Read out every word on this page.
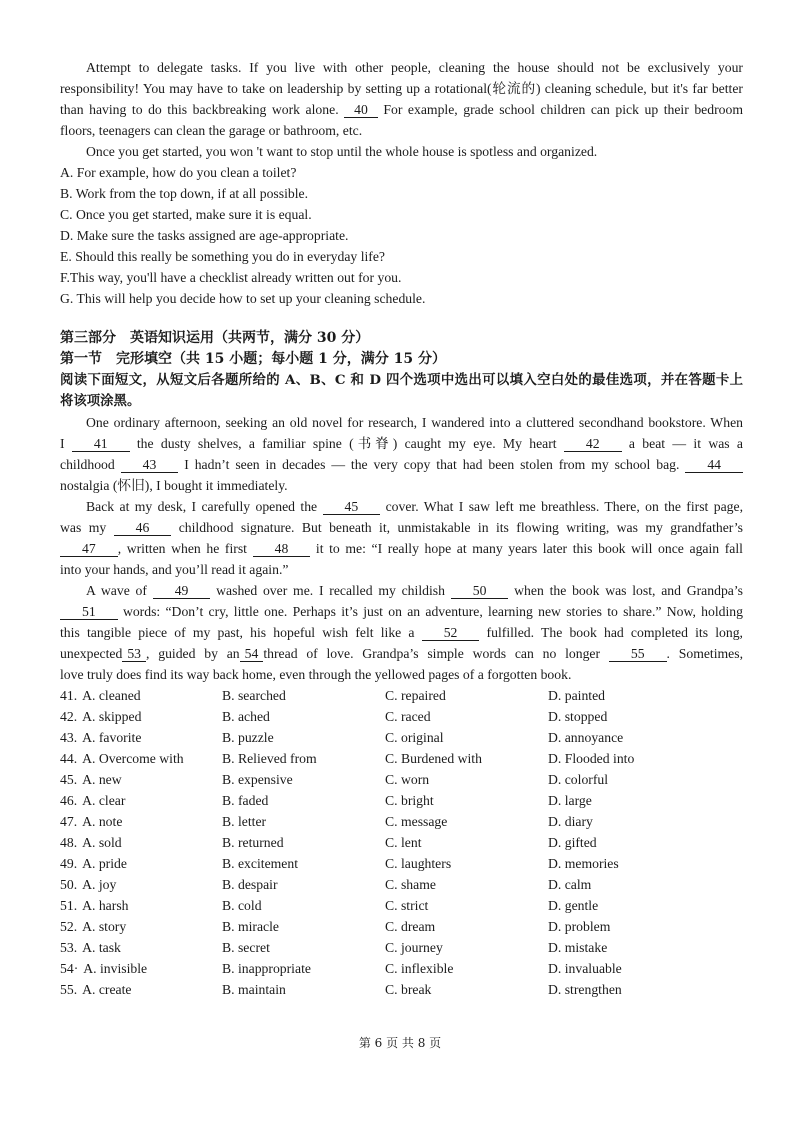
Attempt to delegate tasks. If you live with other people, cleaning the house should not be exclusively your
responsibility! You may have to take on leadership by setting up a rotational(轮流的) cleaning schedule, but it's far better
than having to do this backbreaking work alone. 40 For example, grade school children can pick up their bedroom
floors, teenagers can clean the garage or bathroom, etc.
Once you get started, you won 't want to stop until the whole house is spotless and organized.
A. For example, how do you clean a toilet?
B. Work from the top down, if at all possible.
C. Once you get started, make sure it is equal.
D. Make sure the tasks assigned are age-appropriate.
E. Should this really be something you do in everyday life?
F.This way, you'll have a checklist already written out for you.
G. This will help you decide how to set up your cleaning schedule.
第三部分 英语知识运用（共两节，满分 30 分）
第一节 完形填空（共 15 小题；每小题 1 分，满分 15 分）
阅读下面短文，从短文后各题所给的 A、B、C 和 D 四个选项中选出可以填入空白处的最佳选项，并在答题卡上
将该项涂黑。
One ordinary afternoon, seeking an old novel for research, I wandered into a cluttered secondhand bookstore. When
I 41 the dusty shelves, a familiar spine (书脊) caught my eye. My heart 42 a beat — it was a
childhood 43 I hadn’t seen in decades — the very copy that had been stolen from my school bag. 44
nostalgia (怀旧), I bought it immediately.
Back at my desk, I carefully opened the 45 cover. What I saw left me breathless. There, on the first page,
was my 46 childhood signature. But beneath it, unmistakable in its flowing writing, was my grandfather’s
47 , written when he first 48 it to me: “I really hope at many years later this book will once again fall
into your hands, and you’ll read it again.”
A wave of 49 washed over me. I recalled my childish 50 when the book was lost, and Grandpa’s
51 words: “Don’t cry, little one. Perhaps it’s just on an adventure, learning new stories to share.” Now, holding
this tangible piece of my past, his hopeful wish felt like a 52 fulfilled. The book had completed its long,
unexpected 53 , guided by an 54 thread of love. Grandpa’s simple words can no longer 55 . Sometimes,
love truly does find its way back home, even through the yellowed pages of a forgotten book.
41. A. cleaned	B. searched	C. repaired	D. painted
42. A. skipped	B. ached	C. raced	D. stopped
43. A. favorite	B. puzzle	C. original	D. annoyance
44. A. Overcome with	B. Relieved from	C. Burdened with	D. Flooded into
45. A. new	B. expensive	C. worn	D. colorful
46. A. clear	B. faded	C. bright	D. large
47. A. note	B. letter	C. message	D. diary
48. A. sold	B. returned	C. lent	D. gifted
49. A. pride	B. excitement	C. laughters	D. memories
50. A. joy	B. despair	C. shame	D. calm
51. A. harsh	B. cold	C. strict	D. gentle
52. A. story	B. miracle	C. dream	D. problem
53. A. task	B. secret	C. journey	D. mistake
54· A. invisible	B. inappropriate	C. inflexible	D. invaluable
55. A. create	B. maintain	C. break	D. strengthen
第 6 页 共 8 页
